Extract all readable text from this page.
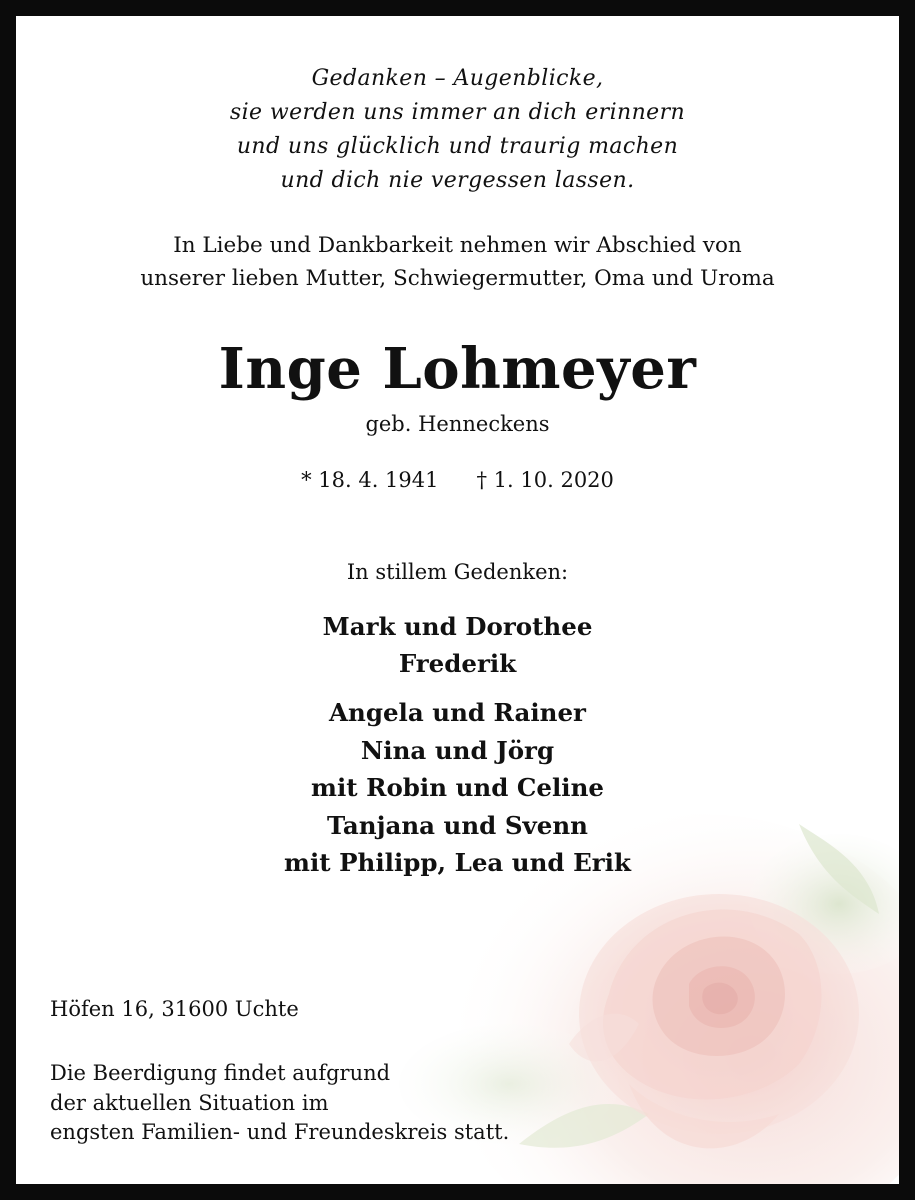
Gedanken – Augenblicke,
sie werden uns immer an dich erinnern
und uns glücklich und traurig machen
und dich nie vergessen lassen.
In Liebe und Dankbarkeit nehmen wir Abschied von
unserer lieben Mutter, Schwiegermutter, Oma und Uroma
Inge Lohmeyer
geb. Henneckens
* 18. 4. 1941 † 1. 10. 2020
In stillem Gedenken:
Mark und Dorothee
Frederik
Angela und Rainer
Nina und Jörg
mit Robin und Celine
Tanjana und Svenn
mit Philipp, Lea und Erik
Höfen 16, 31600 Uchte
Die Beerdigung findet aufgrund
der aktuellen Situation im
engsten Familien- und Freundeskreis statt.
